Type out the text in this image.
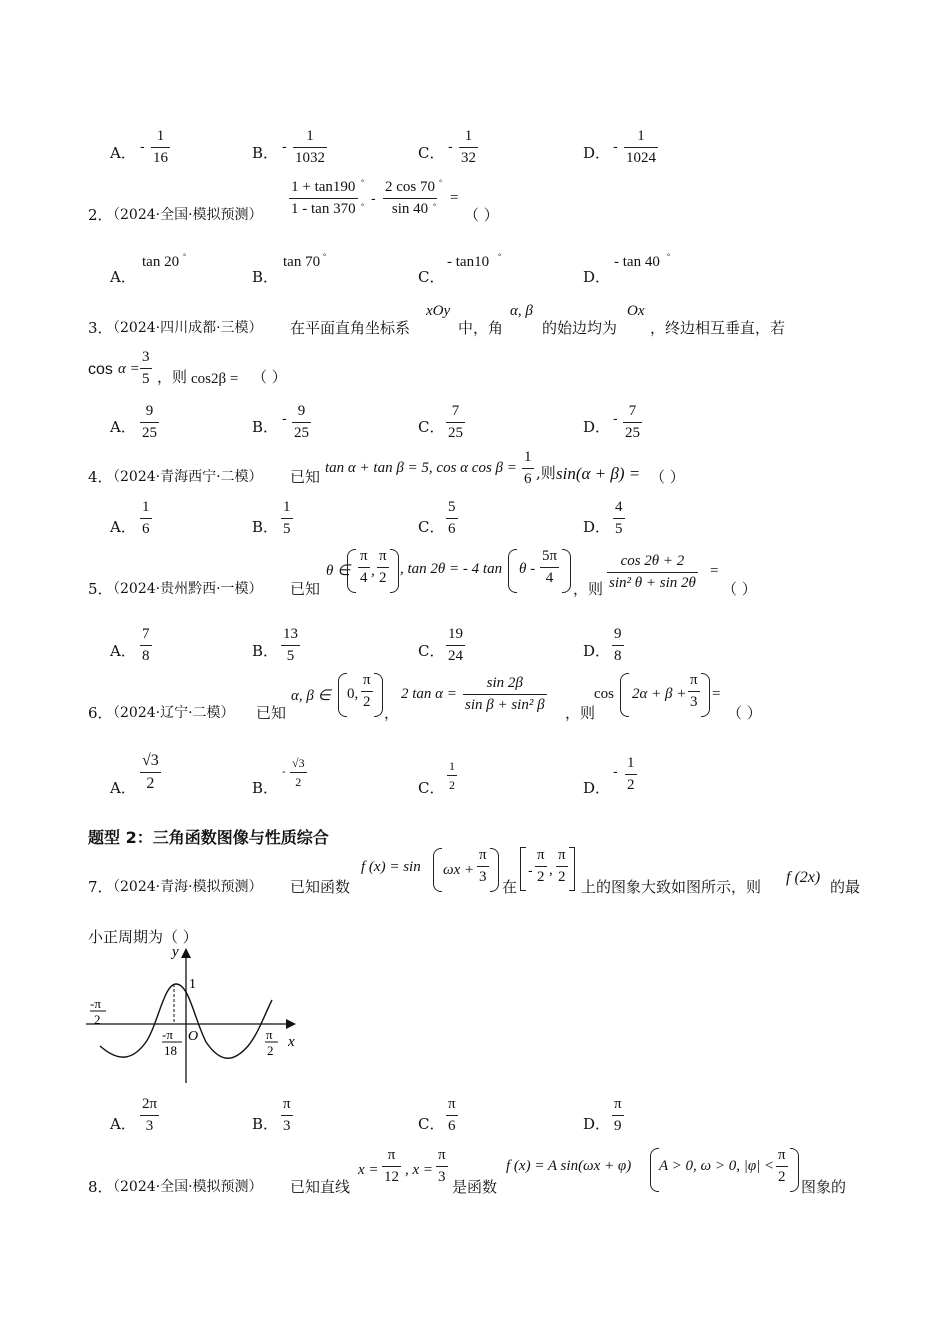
A． -
1
16	B． -
1
1032	C． -
1
32	D． -
1
1024
2．
（2024·全国·模拟预测）
1 + tan190
1 - tan 370
°
°
-
2 cos 70
sin 40
°
°
=
（ ）
A．
tan 20 °
B．
tan 70 °
C．
- tan10 °
D．
- tan 40 °
3．
（2024·四川成都·三模） 在平面直角坐标系
xOy
中，角
α, β
的始边均为
Ox
，终边相互垂直，若
cos α =
3
5 ，则 cos2β = （ ）
A．
9
25	B． - 9
25	C．
7
25	D． - 7
25
4．
（2024·青海西宁·二模） 已知 tan α + tan β = 5, cos α cos β =
1
6 ,则 sin(α + β) = （ ）
A．
1
6	B．
1
5	C．
5
6	D．
4
5
5．
（2024·贵州黔西·一模） 已知
θ ∈
π
4 ,
π
2
, tan 2θ = - 4 tan θ -
5π
4
，则
cos 2θ + 2
sin² θ + sin 2θ
=
（ ）
A．
7
8	B．
13
5	C．
19
24	D．
9
8
6．
（2024·辽宁·二模） 已知
α, β ∈ 0,
π
2
，
2 tan α =
sin 2β
sin β + sin² β ，则
cos 2α + β +
π
3 =
（ ）
A．
√3
2	B．
-
√3
2	C．
1
2	D．
- 1
2
题型 2：三角函数图像与性质综合
7．
（2024·青海·模拟预测） 已知函数
f (x) = sin ωx +
π
3
在
-
π
2 ,
π
2
上的图象大致如图所示，则
f (2x)
的最
小正周期为（ ）
y
x
O
1
-π
2
-π
18
π
2
A．
2π
3	B．
π
3	C．
π
6	D．
π
9
8．
（2024·全国·模拟预测） 已知直线
x =
π
12 , x =
π
3
是函数
f (x) = A sin(ωx + φ) A > 0, ω > 0, |φ| <
π
2
图象的
